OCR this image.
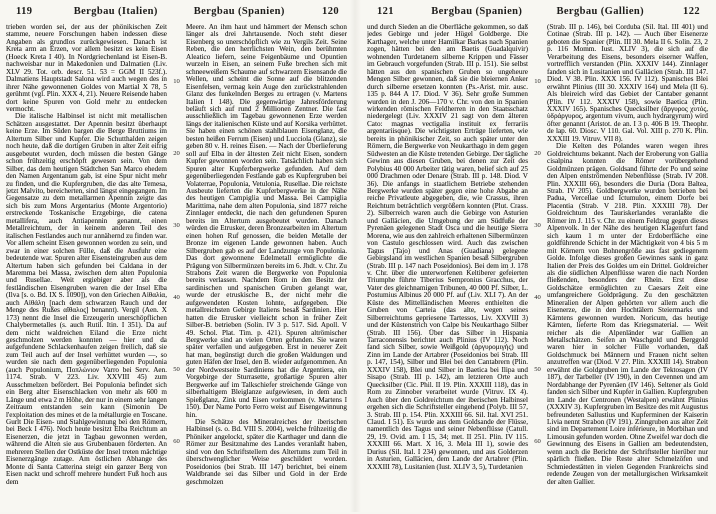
119	Bergbau (Italien)	Bergbau (Spanien)	120
trieben worden sei, der aus der phönikischen Zeit stamme, neuere Forschungen haben indessen diese Angaben als grundlos zurückgewiesen. Danach ist Kreta arm an Erzen, vor allem besitzt es kein Eisen (Hoeck Kreta I 40). In Nordgriechenland ist Eisen-B. nachweisbar nur in Makedonien und Dalmatien (Liv. XLV 29. Tot. orb. descr. 51. 53 = GGM II 523f.). Dalmatiens Hauptstadt Salona wird auch wegen des in ihrer Nähe gewonnenen Goldes von Martial X 78, 5 gerühmt (vgl. Plin. XXX 4, 21). Neuere Reisende haben dort keine Spuren von Gold mehr zu entdecken vermocht.
Die italische Halbinsel ist nicht mit metallischen Schätzen ausgestattet. Der Apennin besitzt überhaupt keine Erze. Im Süden bargen die Berge Bruttiums im Altertum Silber und Kupfer. Die Schutthalden zeigen noch heute, daß die dortigen Gruben in alter Zeit eifrig ausgebeutet wurden, doch müssen die besten Gänge schon frühzeitig erschöpft gewesen sein. Von dem Silber, das dem heutigen Städtchen San Marco ehedem den Namen Argentanum gab, ist eine Spur nicht mehr zu finden, und die Kupfergruben, die das alte Temesa, jetzt Malvito, bereicherten, sind längst eingegangen. Im Gegensatze zu dem metallarmen Apennin zeigte das sich bis zum Mons Argentarius (Monte Argentorio) erstreckende Toskanische Erzgebirge, die catena metallifera, auch Antiapennin genannt, einen Metallreichtum, der in keinem anderen Teil des italischen Festlandes auch nur annähernd zu finden war. Vor allem scheint Eisen gewonnen worden zu sein, und zwar in einer solchen Fülle, daß die Ausfuhr eine bedeutende war. Spuren alter Eisensteingruben aus dem Altertum haben sich gefunden bei Caldana in der Maremma bei Massa, zwischen dem alten Populonia und Rusellae. Weit ergiebiger aber als die festländischen Eisengruben waren die der Insel Elba (Ilva [s. o. Bd. IX S. 1090]), von den Griechen Αἰθαλία, auch Αἰθάλη [nach dem schwarzen Rauch und der Menge des Rußes αἴθαλος] benannt). Vergil (Aen. X 173) nennt die Insel die Erzeugerin unerschöpflichen Chalybermetalles (s. auch Rutil. Itin. I 351). Da auf dem nicht waldreichen Eiland die Erze nicht geschmolzen werden konnten — hier und da aufgefundene Schlackenhaufen zeigen freilich, daß sie zum Teil auch auf der Insel verhüttet wurden —, so wurden sie nach dem gegenüberliegenden Populonia (auch Populonium, Ποπλώνιον Varro bei Serv. Aen. 1174. Strab. V 223. Liv. XXVIII 45) zum Ausschmelzen befördert. Bei Populonia befindet sich ein Berg alter Eisenschlacken von mehr als 600 m Länge und etwa 2 m Höhe, der nur in einem sehr langen Zeitraum entstanden sein kann (Simonin De l'exploitation des mines et de la métallurgie en Toscane. Gurlt Die Eisen- und Stahlgewinnung bei den Römern, bei Beck I 476). Noch heute besitzt Elba Reichtum an Eisenerzen, die jetzt in Tagbau gewonnen werden, während die Alten sie aus Grubenbauen förderten. An mehreren Stellen der Ostküste der Insel treten mächtige Eisenerzgänge zutage. Am östlichen Abhange des Monte di Santa Catterina steigt ein ganzer Berg von Eisen nackt und schroff mehrere hundert Fuß hoch aus dem
10
20
30
40
50
60
Meere. An ihm haut und hämmert der Mensch schon länger als drei Jahrtausende. Noch steht dieser Eisenberg so unerschöpflich wie zu Vergils Zeit. Seine Reben, die den herrlichsten Wein, den berühmten Aleatico liefern, seine Feigenbäume und Opuntien wurzeln in Eisen, an seinem Fuße brechen sich mit schneeweißem Schaume auf schwarzem Eisensande die Wellen, und scheint die Sonne auf die blitzenden Eisenfelsen, vermag kein Auge den zurückstrahlenden Glanz des funkelnden Berges zu ertragen (v. Martens Italien I 148). Die gegenwärtige Jahresförderung beläuft sich auf rund 2 Millionen Zentner. Die fast ausschließlich im Tagebau gewonnenen Erze werden längs der italienischen Küste und auf Korsika verhüttet. Sie haben einen schönen stahlblauen Eisenglanz, die besten heißen Ferrum (Eisen) und Lucciola (Glanz), sie geben 80 v. H. reines Eisen. — Nach der Überlieferung soll auf Elba in der ältesten Zeit nicht Eisen, sondern Kupfer gewonnen worden sein. Tatsächlich haben sich Spuren alter Kupferbergwerke gefunden. Auf dem gegenüberliegenden Festlande gab es Kupfergruben bei Volaterrae, Populonia, Vetulonia, Rusellae. Die reichste Ausbeute lieferten die Kupferbergwerke in der Nähe des heutigen Campiglia und Massa. Bei Campiglia Marittima, nahe dem alten Populonia, sind 1877 reiche Zinnlager entdeckt, die nach den gefundenen Spuren bereits im Altertum ausgebeutet wurden. Danach würden die Etrusker, deren Bronzearbeiten im Altertum einen hohen Ruf genossen, die beiden Metalle der Bronze im eigenen Lande gewonnen haben. Auch Silbergruben gab es auf der Landzunge von Populonia. Das dort gewonnene Edelmetall ermöglichte die Prägung von Silbermünzen bereits im 6. Jhdt. v. Chr. Zu Strabons Zeit waren die Bergwerke von Populonia bereits verlassen. Nachdem Rom in den Besitz der sardinischen und spanischen Gruben gelangt war, wurde der etruskische B., der nicht mehr die aufgewendeten Kosten lohnte, aufgegeben. Die metallreichsten Gebirge Italiens besaß Sardinien. Hier hatten die Etrusker vielleicht schon in früher Zeit Silber-B. betrieben (Solin. IV 3 p. 517. Sid. Apoll. V 49. Schol. Plat. Tim. p. 421). Spuren altrömischer Bergwerke sind an vielen Orten gefunden. Sie waren später verfallen und aufgegeben. Erst in neuerer Zeit hat man, begünstigt durch die großen Waldungen und guten Häfen der Insel, den B. wieder aufgenommen. An der Nordwestseite Sardiniens hat die Argentiera, ein Vorgebirge der Sturrasette, großartige Spuren alter Bergwerke auf im Talkschiefer streichende Gänge von silberhaltigem Bleiglanze aufgewiesen, in dem auch Spießglanz, Zink und Eisen vorkommen (v. Martens I 150). Der Name Porto Ferro weist auf Eisengewinnung hin.
Die Schätze des Mineralreiches der iberischen Halbinsel (s. o. Bd. VIII S. 2004), welche frühzeitig die Phöniker angelockt, später die Karthager und dann die Römer zur Besitznahme des Landes veranlaßt haben, sind von den Schriftstellern des Altertums zum Teil in überschwenglicher Weise geschildert worden. Poseidonios (bei Strab. III 147) berichtet, bei einem Waldbrande sei das Silber und Gold in der Erde geschmolzen
121	Bergbau (Spanien)	Bergbau (Gallien)	122
und durch Sieden an die Oberfläche gekommen, so daß jedes Gebirge und jeder Hügel Goldberge. Die Karthager, welche unter Hamilkar Barkas nach Spanien zogen, hätten bei den am Baetis (Guadalquivir) wohnenden Turdetanern silberne Krippen und Fässer im Gebrauch vorgefunden (Strab. III p. 151). Sie selbst hätten aus den spanischen Gruben so ungeheure Mengen Silber gewonnen, daß sie die bleiernen Anker durch silberne ersetzen konnten (Ps.-Arist. mir. ausc. 135 p. 844 A 17. Diod. V 36). Sehr große Summen wurden in den J. 206—170 v. Chr. von den in Spanien wirkenden römischen Feldherren in den Staatsschatz niedergelegt (Liv. XXXIV 21 sagt von dem älteren Cato: magnas vectigalia instituit ex ferrariis argentariisque). Die wichtigsten Erträge lieferten, wie bereits in phönikischer Zeit, so auch später unter den Römern, die Bergwerke von Neukarthago in dem gegen Südwesten an die Küste tretenden Gebirge. Der tägliche Gewinn aus diesen Gruben, bei denen zur Zeit des Polybius 40 000 Arbeiter tätig waren, belief sich auf 25 000 Drachmen oder Denare (Strab. III p. 148. Diod. V 36). Die anfangs in staatlichem Betriebe stehenden Bergwerke wurden später gegen eine hohe Abgabe an reiche Privatleute abgegeben, die, wie Crassus, ihren Reichtum beträchtlich vergrößern konnten (Plut. Crass. 2). Silberreich waren auch die Gebirge von Asturien und Galläcien, die Umgebung der am Südfuße der Pyrenäen gelegenen Stadt Osca und die heutige Sierra Morena, wie aus den zahlreich erhaltenen Silbermünzen von Castulo geschlossen wird. Auch das zwischen Tagus (Tajo) und Anas (Guadiana) gelegene Gebirgsland im westlichen Spanien besaß Silbergruben (Strab. III p. 147 nach Poseidonios). Bei dem im J. 178 v. Chr. über die unterworfenen Keltiberer gefeierten Triumphe führte Tiberius Sempronius Gracchus, der Vater des gleichnamigen Tribunen, 40 000 Pf. Silber, L. Postumius Albinus 20 000 Pf. auf (Liv. XLI 7). An der Küste des Mittelländischen Meeres enthielten die Gruben von Carteia (das alte, wegen seines Silberreichtums gepriesene Tartessos, Liv. XXVIII 3) und der Küstenstrich von Calpe bis Neukarthago Silber (Strab. III 156). Über das Silber in Hispania Tarraconensis berichtet auch Plinius (IV 112). Noch fand sich Silber, sowie Weißgold (ἀργυρομιγής) und Zinn im Lande der Artabrer (Poseidonios bei Strab. III p. 147, 154), Silber und Blei bei den Cantabrern (Plin. XXXIV 158), Blei und Silber in Baetica bei Ilipa und Sisapo (Strab. III p. 142), am letzteren Orte auch Quecksilber (Cic. Phil. II 19. Plin. XXXIII 118), das in Rom zu Zinnober verarbeitet wurde (Vitruv. IX 4). Auch über den Goldreichtum der iberischen Halbinsel ergehen sich die Schriftsteller eingehend (Polyb. III 57, 3. Strab. III p. 154. Plin. XXXIII 66. Sil. Ital. XVI 251. Claud. I 51). Es wurde aus dem Goldsande der Flüsse, namentlich des Tagus und seiner Nebenflüsse (Catull. 29, 19. Ovid. am. I 15, 34; met. II 251. Plin. IV 115. XXXIII 66. Mart. X 16, 3. Mela III 1), sowie des Durius (Sil. Ital. I 234) gewonnen, und aus Golderzen in Asturien, Galläcien, dem Lande der Artabrer (Plin. XXXIII 78), Lusitanien (Iust. XLIV 3, 5), Turdetanien
10
20
30
40
50
60
(Strab. III p. 146), bei Corduba (Sil. Ital. III 401) und Cotinae (Strab. III p. 142). — Auch über Eisenerze geboten die Spanier (Plin. III 30. Mela II 6. Solin. 23, 2 p. 116 Momm. Iust. XLIV 3), die sich auf die Verarbeitung des Eisens, besonders eiserner Waffen, vortrefflich verstanden (Plin. XXXIV 144). Zinnlager fanden sich in Lusitanien und Galläcien (Strab. III 147. Diod. V 38. Plin. XXX 156. IV 112). Spanisches Blei erwähnt Plinius (III 30. XXXIV 164) und Mela (II 6). Als bleireich wird das Gebiet der Cantaber genannt (Plin. IV 112. XXXIV 158), sowie Baetica (Plin. XXXIV 165). Spanisches Quecksilber (ἄργυρος χυτός, ὑδράργυρος, argentum vivum, auch hydrargyrum) wird öfter genannt (Aristot. de an. I 3 p. 406 B 19. Theophr. de lap. 60. Diosc. V 110. Gal. Vol. XIII p. 270 K. Plin. XXXIII 19. Vitruv. VII 8).
Die Kelten des Polandes waren wegen ihres Goldreichtums bekannt. Nach der Eroberung von Gallia cisalpina konnten die Römer vorübergehend Goldmünzen prägen. Goldsand führte der Po und seine den Alpen entströmenden Nebenflüsse (Strab. IV 208. Plin. XXXIII 66), besonders die Duria (Dora Baltea, Strab. IV 205). Goldbergwerke wurden betrieben bei Padua, Vercellae und Ictumulon, einem Dorfe bei Placentia (Strab. V 218. Plin. XXXIII 78). Der Goldreichtum des Tauriskerlandes veranlaßte die Römer im J. 115 v. Chr. zu einem Feldzug gegen dieses Alpenvolk. In der Nähe des heutigen Klagenfurt fand sich kaum 1 m unter der Erdoberfläche eine goldführende Schicht in der Mächtigkeit von 4 bis 5 m mit Körnern von Bohnengröße aus fast gediegenem Golde. Infolge dieses großen Gewinnes sank in ganz Italien der Preis des Goldes um ein Drittel. Goldreicher als die südlichen Alpenflüsse waren die nach Norden fließenden, besonders der Rhein. Erst diese Goldschätze ermöglichten zu Caesars Zeit eine umfangreichere Goldprägung. Zu den geschätzten Mineralien der Alpen gehörten vor allem auch die Eisenerze, die in den Hochtälern Steiermarks und Kärntens gewonnen wurden. Noricum, das heutige Kärnten, lieferte Rom das Kriegsmaterial. — Weit reicher als die Alpenländer war Gallien an Metallschätzen. Seifen an Waschgold und Berggold waren hier in solcher Fülle vorhanden, daß Goldschmuck bei Männern und Frauen nicht selten anzutreffen war (Diod. V 27. Plin. XXXIII 14). Strabon erwähnt die Goldgruben im Lande der Tektosagen (IV 187), der Tarbeller (IV 190), in den Cevennen und am Nordabhange der Pyrenäen (IV 146). Seltener als Gold fanden sich Silber und Kupfer in Gallien. Kupfergruben im Lande der Centronen (Westalpen) erwähnt Plinius (XXXIV 3). Kupfergruben im Besitze des mit Augustus befreundeten Sallustius und Kupferminen der Kaiserin Livia nennt Strabon (IV 191). Zinngruben aus alter Zeit sind im Departement Loire inférieure, in Morbihan und Limousin gefunden worden. Ohne Zweifel war doch die Gewinnung des Eisens in Gallien am bedeutendsten, wenn auch die Berichte der Schriftsteller hierüber nur spärlich fließen. Die Reste alter Schmelzöfen und Schmiedestätten in vielen Gegenden Frankreichs sind redende Zeugen von der metallurgischen Wirksamkeit der alten Gallier.
